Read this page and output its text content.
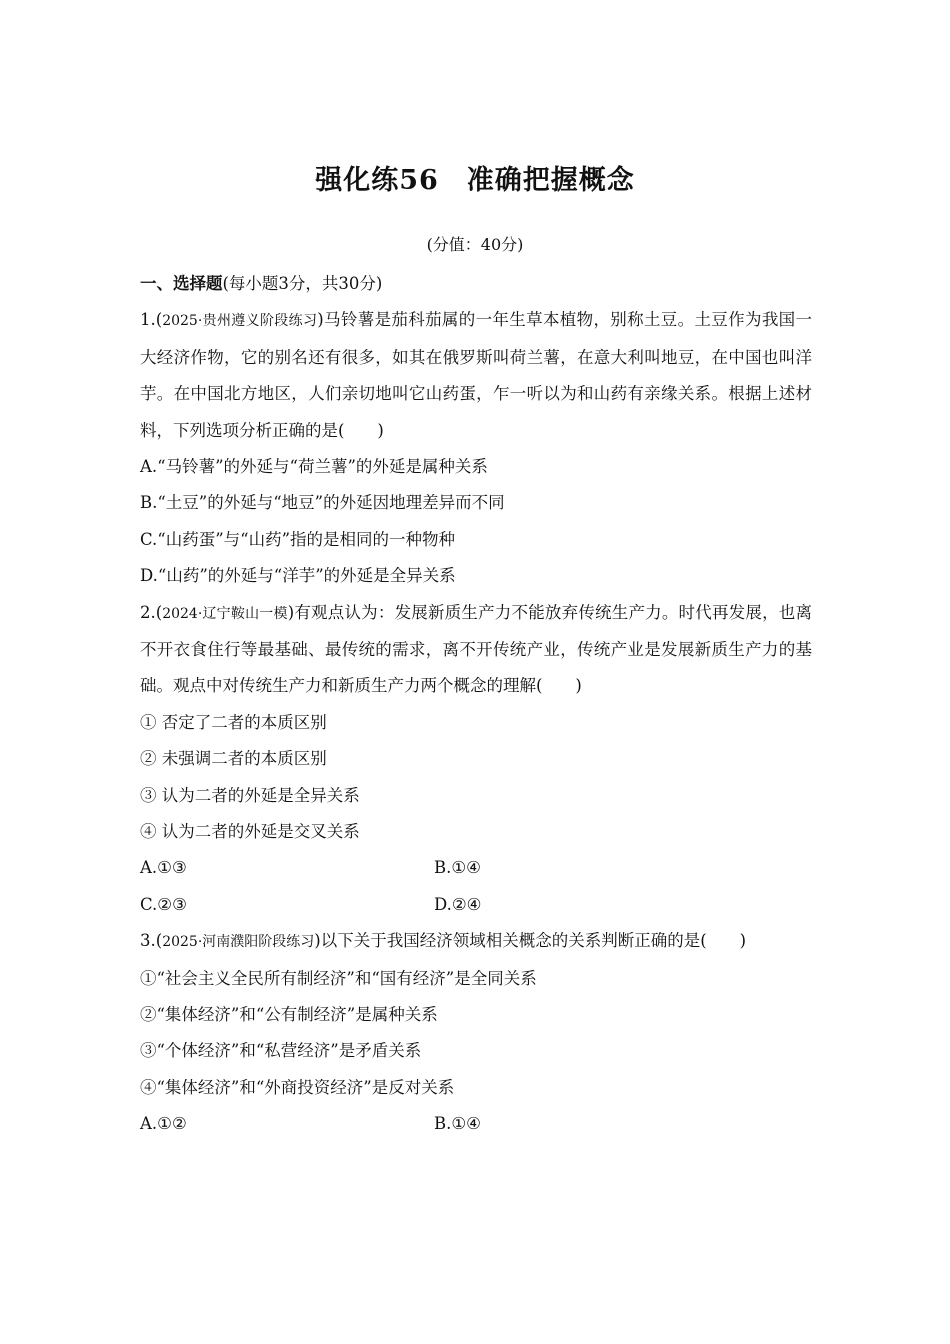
强化练56　准确把握概念
(分值：40分)
一、选择题(每小题3分，共30分)
1.(2025·贵州遵义阶段练习)马铃薯是茄科茄属的一年生草本植物，别称土豆。土豆作为我国一大经济作物，它的别名还有很多，如其在俄罗斯叫荷兰薯，在意大利叫地豆，在中国也叫洋芋。在中国北方地区，人们亲切地叫它山药蛋，乍一听以为和山药有亲缘关系。根据上述材料，下列选项分析正确的是(　　)
A.“马铃薯”的外延与“荷兰薯”的外延是属种关系
B.“土豆”的外延与“地豆”的外延因地理差异而不同
C.“山药蛋”与“山药”指的是相同的一种物种
D.“山药”的外延与“洋芋”的外延是全异关系
2.(2024·辽宁鞍山一模)有观点认为：发展新质生产力不能放弃传统生产力。时代再发展，也离不开衣食住行等最基础、最传统的需求，离不开传统产业，传统产业是发展新质生产力的基础。观点中对传统生产力和新质生产力两个概念的理解(　　)
① 否定了二者的本质区别
② 未强调二者的本质区别
③ 认为二者的外延是全异关系
④ 认为二者的外延是交叉关系
A.①③	B.①④
C.②③	D.②④
3.(2025·河南濮阳阶段练习)以下关于我国经济领域相关概念的关系判断正确的是(　　)
①“社会主义全民所有制经济”和“国有经济”是全同关系
②“集体经济”和“公有制经济”是属种关系
③“个体经济”和“私营经济”是矛盾关系
④“集体经济”和“外商投资经济”是反对关系
A.①②	B.①④
